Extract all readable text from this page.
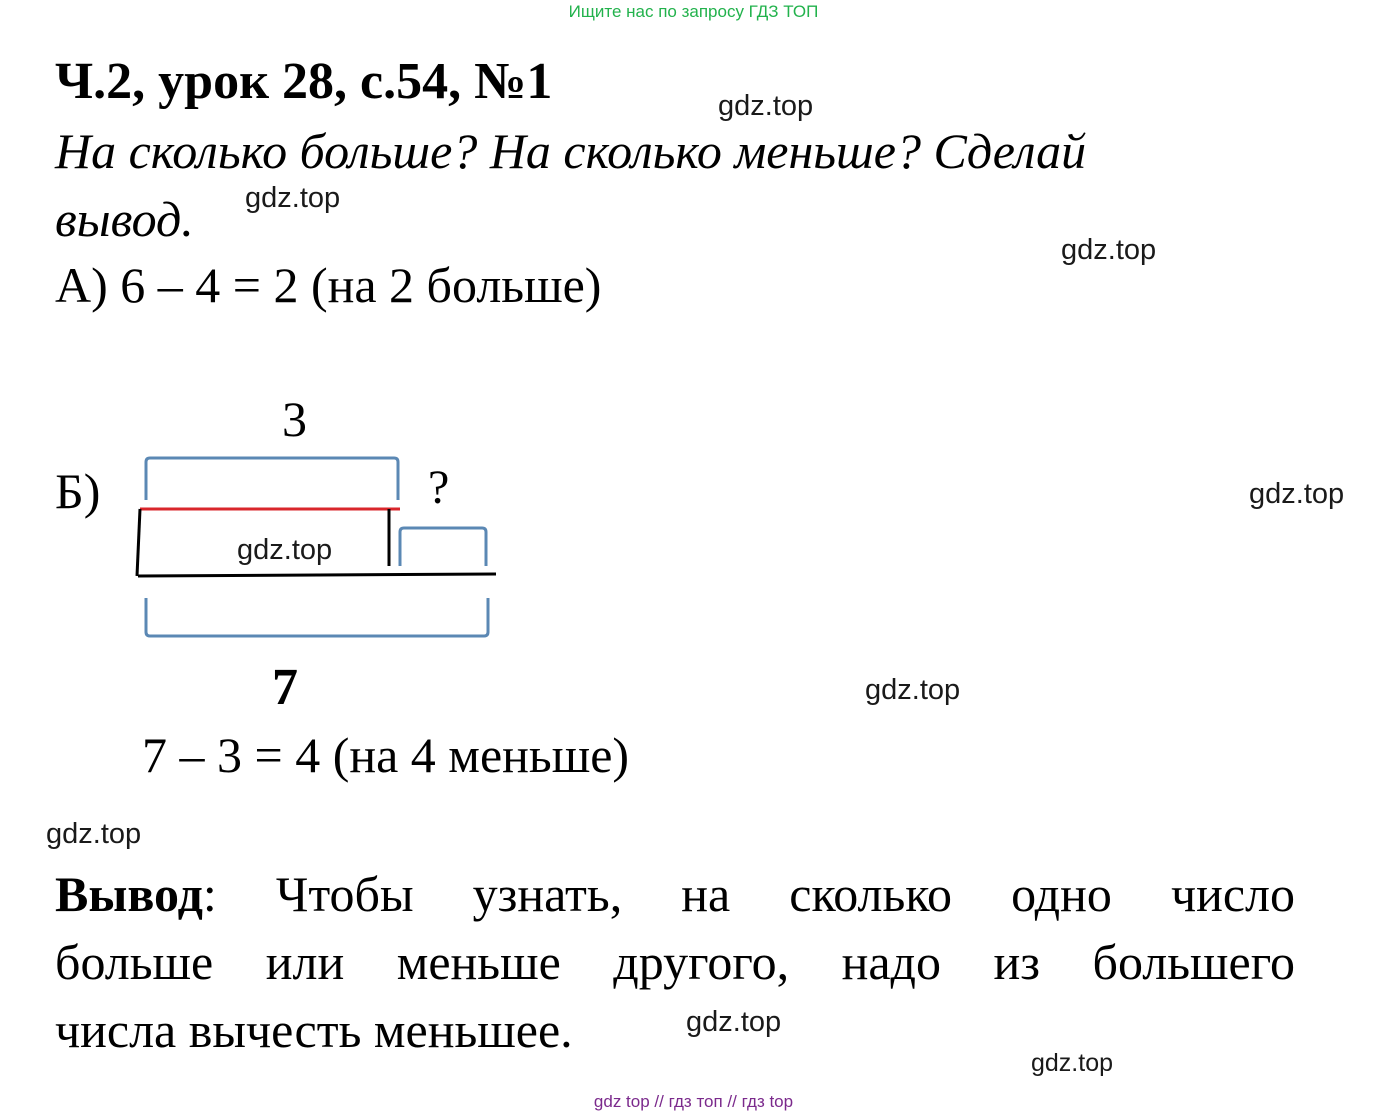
Ищите нас по запросу ГДЗ ТОП
Ч.2, урок 28, с.54, №1
На сколько больше? На сколько меньше? Сделай
вывод.
А) 6 – 4 = 2 (на 2 больше)
3
Б)	?
7
7 – 3 = 4 (на 4 меньше)
Вывод: Чтобы узнать, на сколько одно число
больше или меньше другого, надо из большего
числа вычесть меньшее.
gdz.top
gdz.top
gdz.top
gdz.top
gdz.top
gdz.top
gdz.top
gdz.top
gdz.top
gdz top // гдз топ // гдз top
